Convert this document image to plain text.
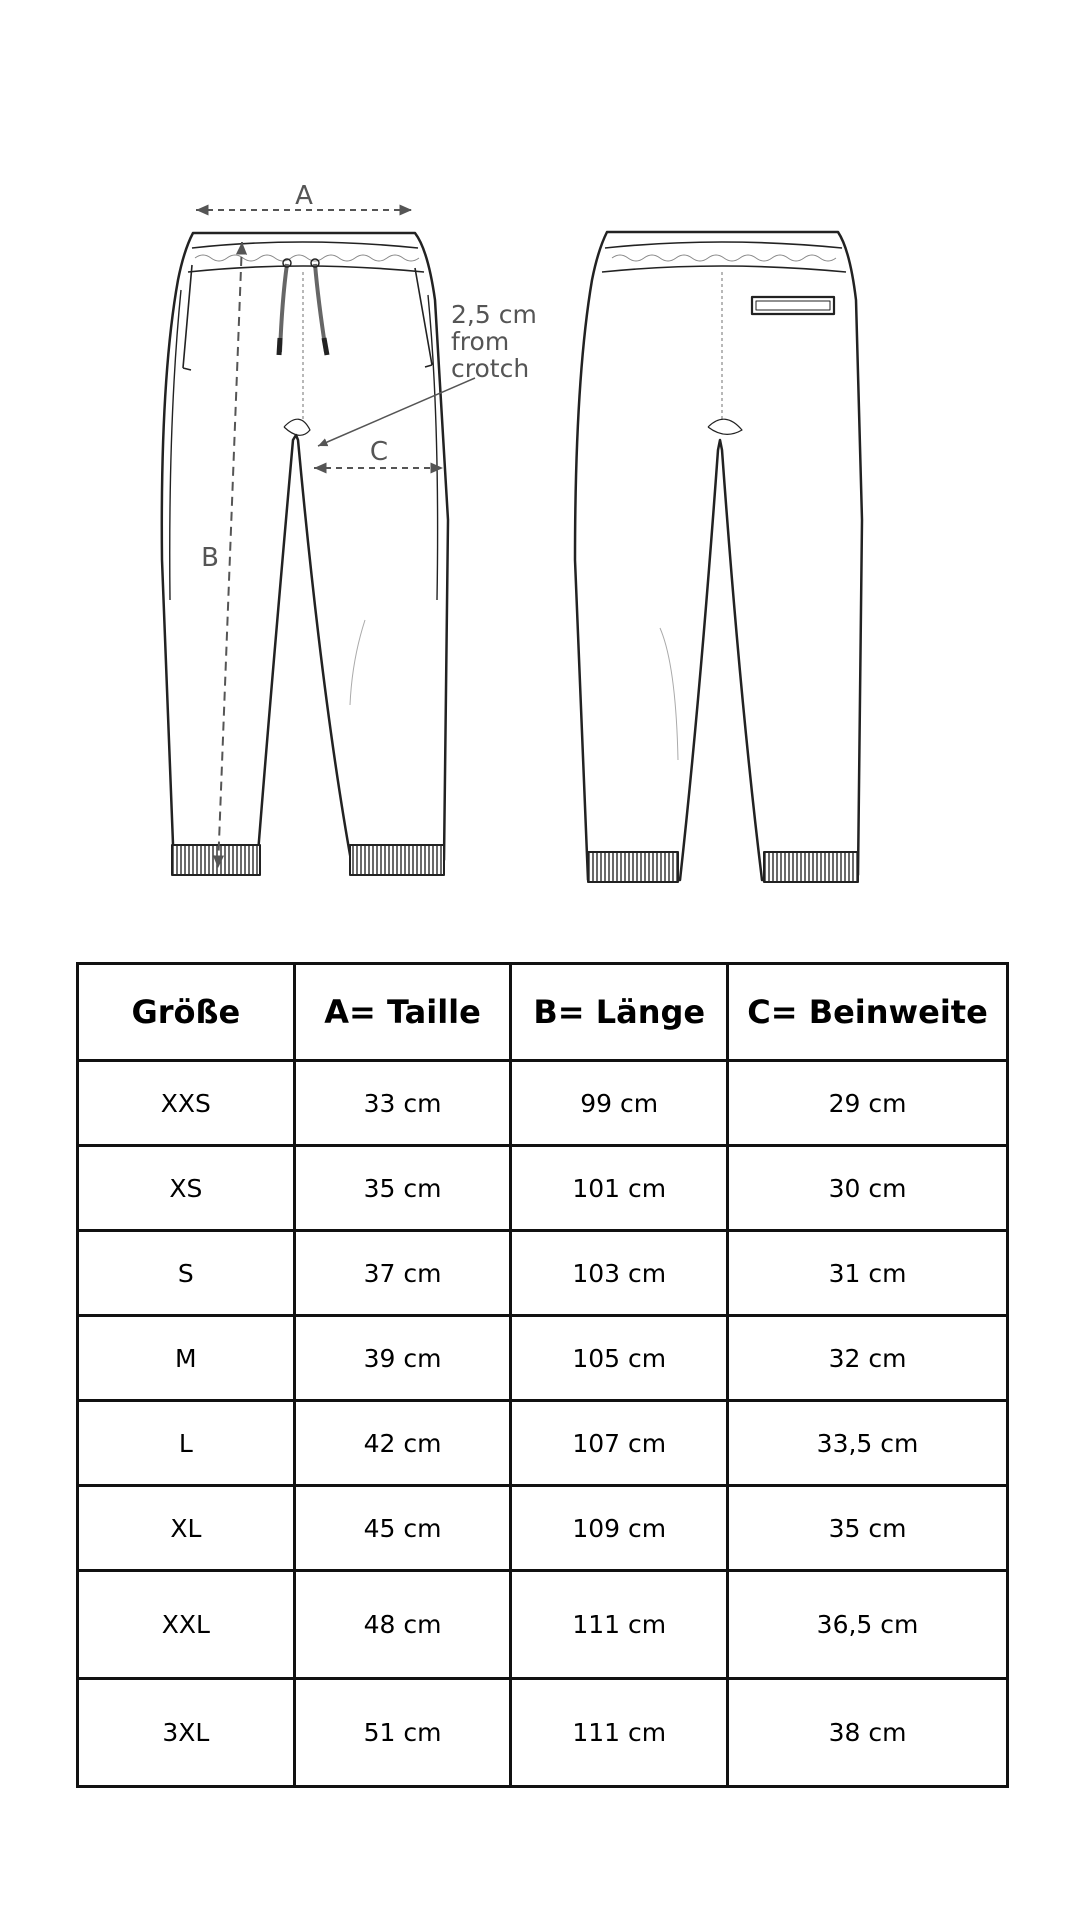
A
B
C
2,5 cm
from
crotch
Größe	A= Taille	B= Länge	C= Beinweite
XXS	33 cm	99 cm	29 cm
XS	35 cm	101 cm	30 cm
S	37 cm	103 cm	31 cm
M	39 cm	105 cm	32 cm
L	42 cm	107 cm	33,5 cm
XL	45 cm	109 cm	35 cm
XXL	48 cm	111 cm	36,5 cm
3XL	51 cm	111 cm	38 cm
